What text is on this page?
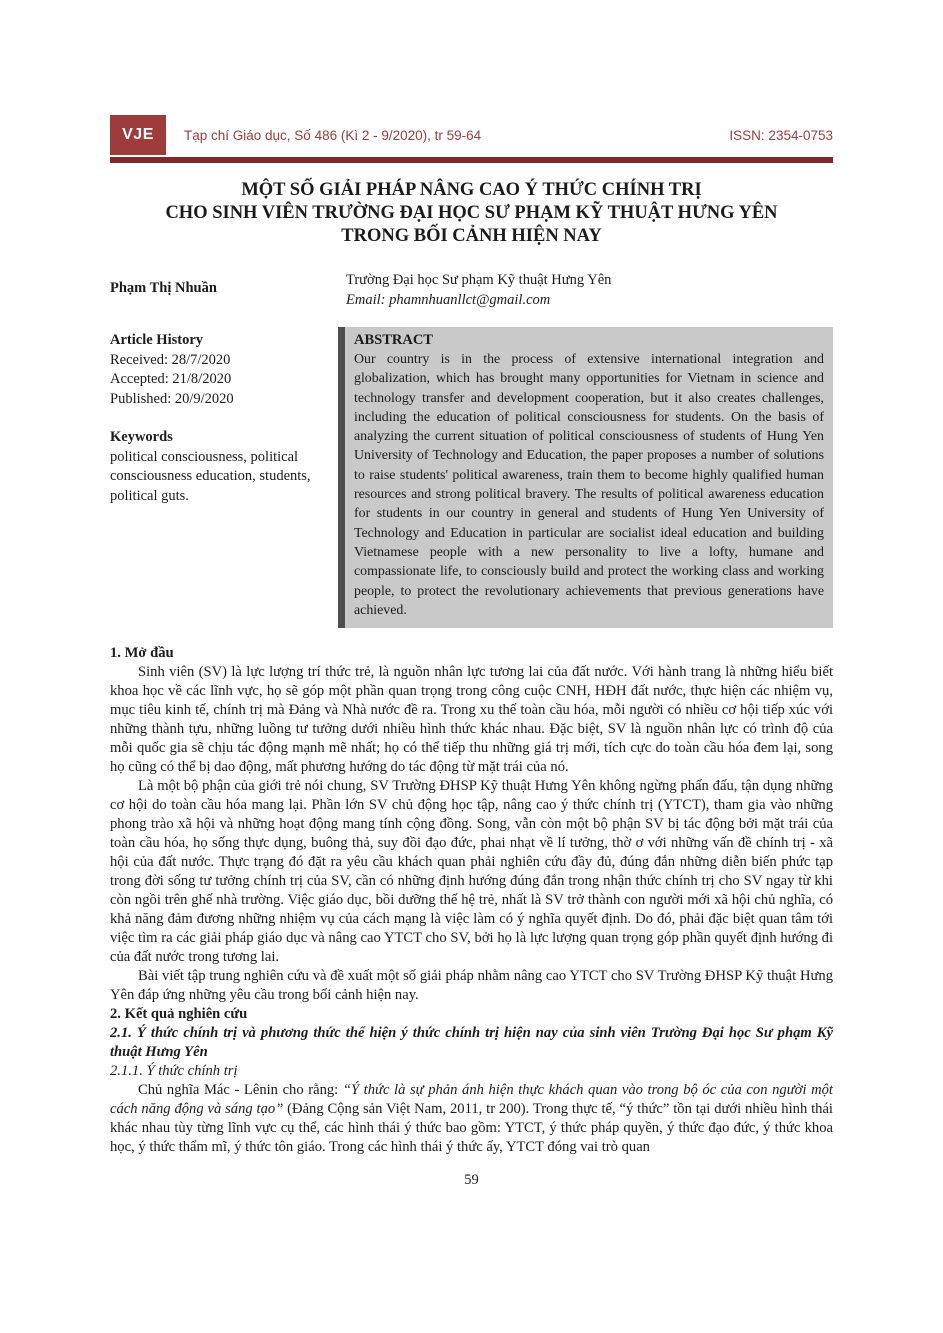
VJE	Tạp chí Giáo dục, Số 486 (Kì 2 - 9/2020), tr 59-64	ISSN: 2354-0753
MỘT SỐ GIẢI PHÁP NÂNG CAO Ý THỨC CHÍNH TRỊ
CHO SINH VIÊN TRƯỜNG ĐẠI HỌC SƯ PHẠM KỸ THUẬT HƯNG YÊN
TRONG BỐI CẢNH HIỆN NAY
Phạm Thị Nhuần	Trường Đại học Sư phạm Kỹ thuật Hưng Yên
Email: phamnhuanllct@gmail.com
Article History
Received: 28/7/2020
Accepted: 21/8/2020
Published: 20/9/2020
Keywords
political consciousness, political consciousness education, students, political guts.
ABSTRACT
Our country is in the process of extensive international integration and globalization, which has brought many opportunities for Vietnam in science and technology transfer and development cooperation, but it also creates challenges, including the education of political consciousness for students. On the basis of analyzing the current situation of political consciousness of students of Hung Yen University of Technology and Education, the paper proposes a number of solutions to raise students' political awareness, train them to become highly qualified human resources and strong political bravery. The results of political awareness education for students in our country in general and students of Hung Yen University of Technology and Education in particular are socialist ideal education and building Vietnamese people with a new personality to live a lofty, humane and compassionate life, to consciously build and protect the working class and working people, to protect the revolutionary achievements that previous generations have achieved.
1. Mở đầu

Sinh viên (SV) là lực lượng trí thức trẻ, là nguồn nhân lực tương lai của đất nước. Với hành trang là những hiểu biết khoa học về các lĩnh vực, họ sẽ góp một phần quan trọng trong công cuộc CNH, HĐH đất nước, thực hiện các nhiệm vụ, mục tiêu kinh tế, chính trị mà Đảng và Nhà nước đề ra. Trong xu thế toàn cầu hóa, mỗi người có nhiều cơ hội tiếp xúc với những thành tựu, những luồng tư tưởng dưới nhiều hình thức khác nhau. Đặc biệt, SV là nguồn nhân lực có trình độ của mỗi quốc gia sẽ chịu tác động mạnh mẽ nhất; họ có thể tiếp thu những giá trị mới, tích cực do toàn cầu hóa đem lại, song họ cũng có thể bị dao động, mất phương hướng do tác động từ mặt trái của nó.

Là một bộ phận của giới trẻ nói chung, SV Trường ĐHSP Kỹ thuật Hưng Yên không ngừng phấn đấu, tận dụng những cơ hội do toàn cầu hóa mang lại. Phần lớn SV chủ động học tập, nâng cao ý thức chính trị (YTCT), tham gia vào những phong trào xã hội và những hoạt động mang tính cộng đồng. Song, vẫn còn một bộ phận SV bị tác động bởi mặt trái của toàn cầu hóa, họ sống thực dụng, buông thả, suy đồi đạo đức, phai nhạt về lí tưởng, thờ ơ với những vấn đề chính trị - xã hội của đất nước. Thực trạng đó đặt ra yêu cầu khách quan phải nghiên cứu đầy đủ, đúng đắn những diễn biến phức tạp trong đời sống tư tưởng chính trị của SV, cần có những định hướng đúng đắn trong nhận thức chính trị cho SV ngay từ khi còn ngồi trên ghế nhà trường. Việc giáo dục, bồi dưỡng thế hệ trẻ, nhất là SV trở thành con người mới xã hội chủ nghĩa, có khả năng đảm đương những nhiệm vụ của cách mạng là việc làm có ý nghĩa quyết định. Do đó, phải đặc biệt quan tâm tới việc tìm ra các giải pháp giáo dục và nâng cao YTCT cho SV, bởi họ là lực lượng quan trọng góp phần quyết định hướng đi của đất nước trong tương lai.

Bài viết tập trung nghiên cứu và đề xuất một số giải pháp nhằm nâng cao YTCT cho SV Trường ĐHSP Kỹ thuật Hưng Yên đáp ứng những yêu cầu trong bối cảnh hiện nay.

2. Kết quả nghiên cứu
2.1. Ý thức chính trị và phương thức thể hiện ý thức chính trị hiện nay của sinh viên Trường Đại học Sư phạm Kỹ thuật Hưng Yên
2.1.1. Ý thức chính trị

Chủ nghĩa Mác - Lênin cho rằng: “Ý thức là sự phản ánh hiện thực khách quan vào trong bộ óc của con người một cách năng động và sáng tạo” (Đảng Cộng sản Việt Nam, 2011, tr 200). Trong thực tế, “ý thức” tồn tại dưới nhiều hình thái khác nhau tùy từng lĩnh vực cụ thể, các hình thái ý thức bao gồm: YTCT, ý thức pháp quyền, ý thức đạo đức, ý thức khoa học, ý thức thẩm mĩ, ý thức tôn giáo. Trong các hình thái ý thức ấy, YTCT đóng vai trò quan

59
